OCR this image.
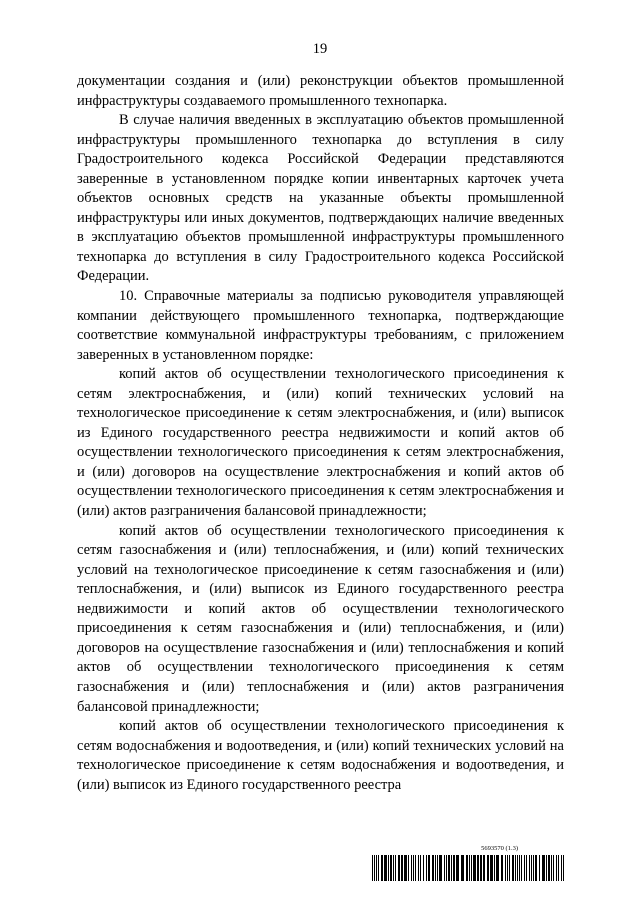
19

документации создания и (или) реконструкции объектов промышленной инфраструктуры создаваемого промышленного технопарка.

В случае наличия введенных в эксплуатацию объектов промышленной инфраструктуры промышленного технопарка до вступления в силу Градостроительного кодекса Российской Федерации представляются заверенные в установленном порядке копии инвентарных карточек учета объектов основных средств на указанные объекты промышленной инфраструктуры или иных документов, подтверждающих наличие введенных в эксплуатацию объектов промышленной инфраструктуры промышленного технопарка до вступления в силу Градостроительного кодекса Российской Федерации.

10. Справочные материалы за подписью руководителя управляющей компании действующего промышленного технопарка, подтверждающие соответствие коммунальной инфраструктуры требованиям, с приложением заверенных в установленном порядке:

копий актов об осуществлении технологического присоединения к сетям электроснабжения, и (или) копий технических условий на технологическое присоединение к сетям электроснабжения, и (или) выписок из Единого государственного реестра недвижимости и копий актов об осуществлении технологического присоединения к сетям электроснабжения, и (или) договоров на осуществление электроснабжения и копий актов об осуществлении технологического присоединения к сетям электроснабжения и (или) актов разграничения балансовой принадлежности;

копий актов об осуществлении технологического присоединения к сетям газоснабжения и (или) теплоснабжения, и (или) копий технических условий на технологическое присоединение к сетям газоснабжения и (или) теплоснабжения, и (или) выписок из Единого государственного реестра недвижимости и копий актов об осуществлении технологического присоединения к сетям газоснабжения и (или) теплоснабжения, и (или) договоров на осуществление газоснабжения и (или) теплоснабжения и копий актов об осуществлении технологического присоединения к сетям газоснабжения и (или) теплоснабжения и (или) актов разграничения балансовой принадлежности;

копий актов об осуществлении технологического присоединения к сетям водоснабжения и водоотведения, и (или) копий технических условий на технологическое присоединение к сетям водоснабжения и водоотведения, и (или) выписок из Единого государственного реестра

5693570 (1.3)
